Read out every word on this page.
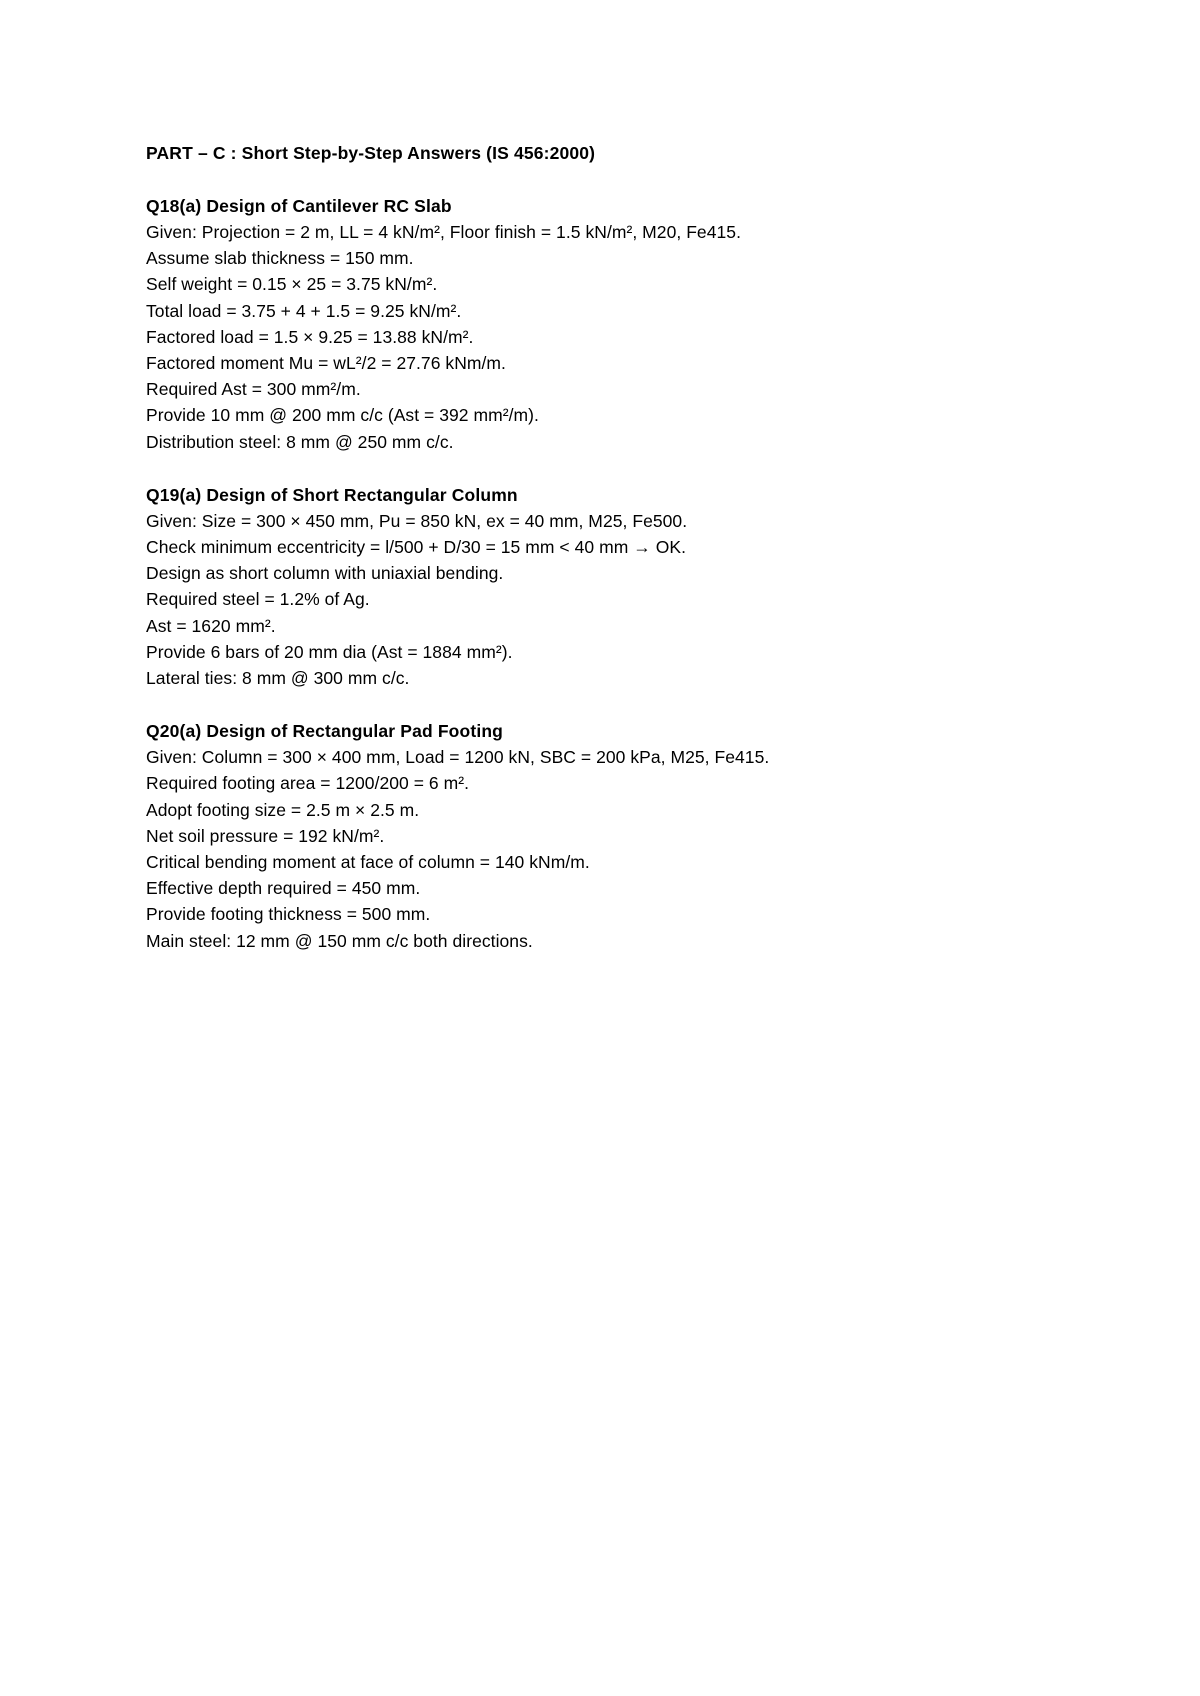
PART – C : Short Step-by-Step Answers (IS 456:2000)
Q18(a) Design of Cantilever RC Slab

Given: Projection = 2 m, LL = 4 kN/m², Floor finish = 1.5 kN/m², M20, Fe415.

Assume slab thickness = 150 mm.

Self weight = 0.15 × 25 = 3.75 kN/m².

Total load = 3.75 + 4 + 1.5 = 9.25 kN/m².

Factored load = 1.5 × 9.25 = 13.88 kN/m².

Factored moment Mu = wL²/2 = 27.76 kNm/m.

Required Ast = 300 mm²/m.

Provide 10 mm @ 200 mm c/c (Ast = 392 mm²/m).

Distribution steel: 8 mm @ 250 mm c/c.

Q19(a) Design of Short Rectangular Column

Given: Size = 300 × 450 mm, Pu = 850 kN, ex = 40 mm, M25, Fe500.

Check minimum eccentricity = l/500 + D/30 = 15 mm < 40 mm → OK.

Design as short column with uniaxial bending.

Required steel = 1.2% of Ag.

Ast = 1620 mm².

Provide 6 bars of 20 mm dia (Ast = 1884 mm²).

Lateral ties: 8 mm @ 300 mm c/c.

Q20(a) Design of Rectangular Pad Footing

Given: Column = 300 × 400 mm, Load = 1200 kN, SBC = 200 kPa, M25, Fe415.

Required footing area = 1200/200 = 6 m².

Adopt footing size = 2.5 m × 2.5 m.

Net soil pressure = 192 kN/m².

Critical bending moment at face of column = 140 kNm/m.

Effective depth required = 450 mm.

Provide footing thickness = 500 mm.

Main steel: 12 mm @ 150 mm c/c both directions.
